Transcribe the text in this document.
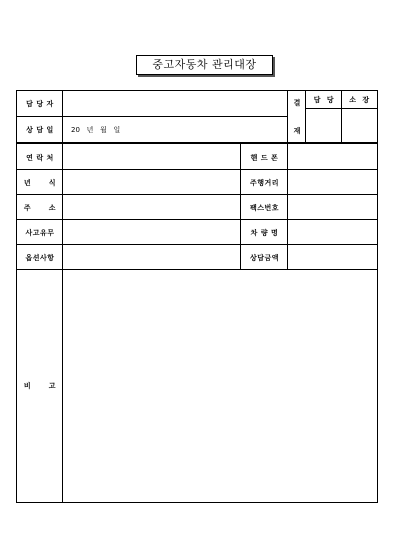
중고자동차 관리대장
담 당 자
상 담 일
연 락 처
년      식
주      소
사고유무
옵션사항
비      고
20   년   월   일
핸 드 폰
주행거리
팩스번호
차 량 명
상담금액
결
재
담  당	소  장
